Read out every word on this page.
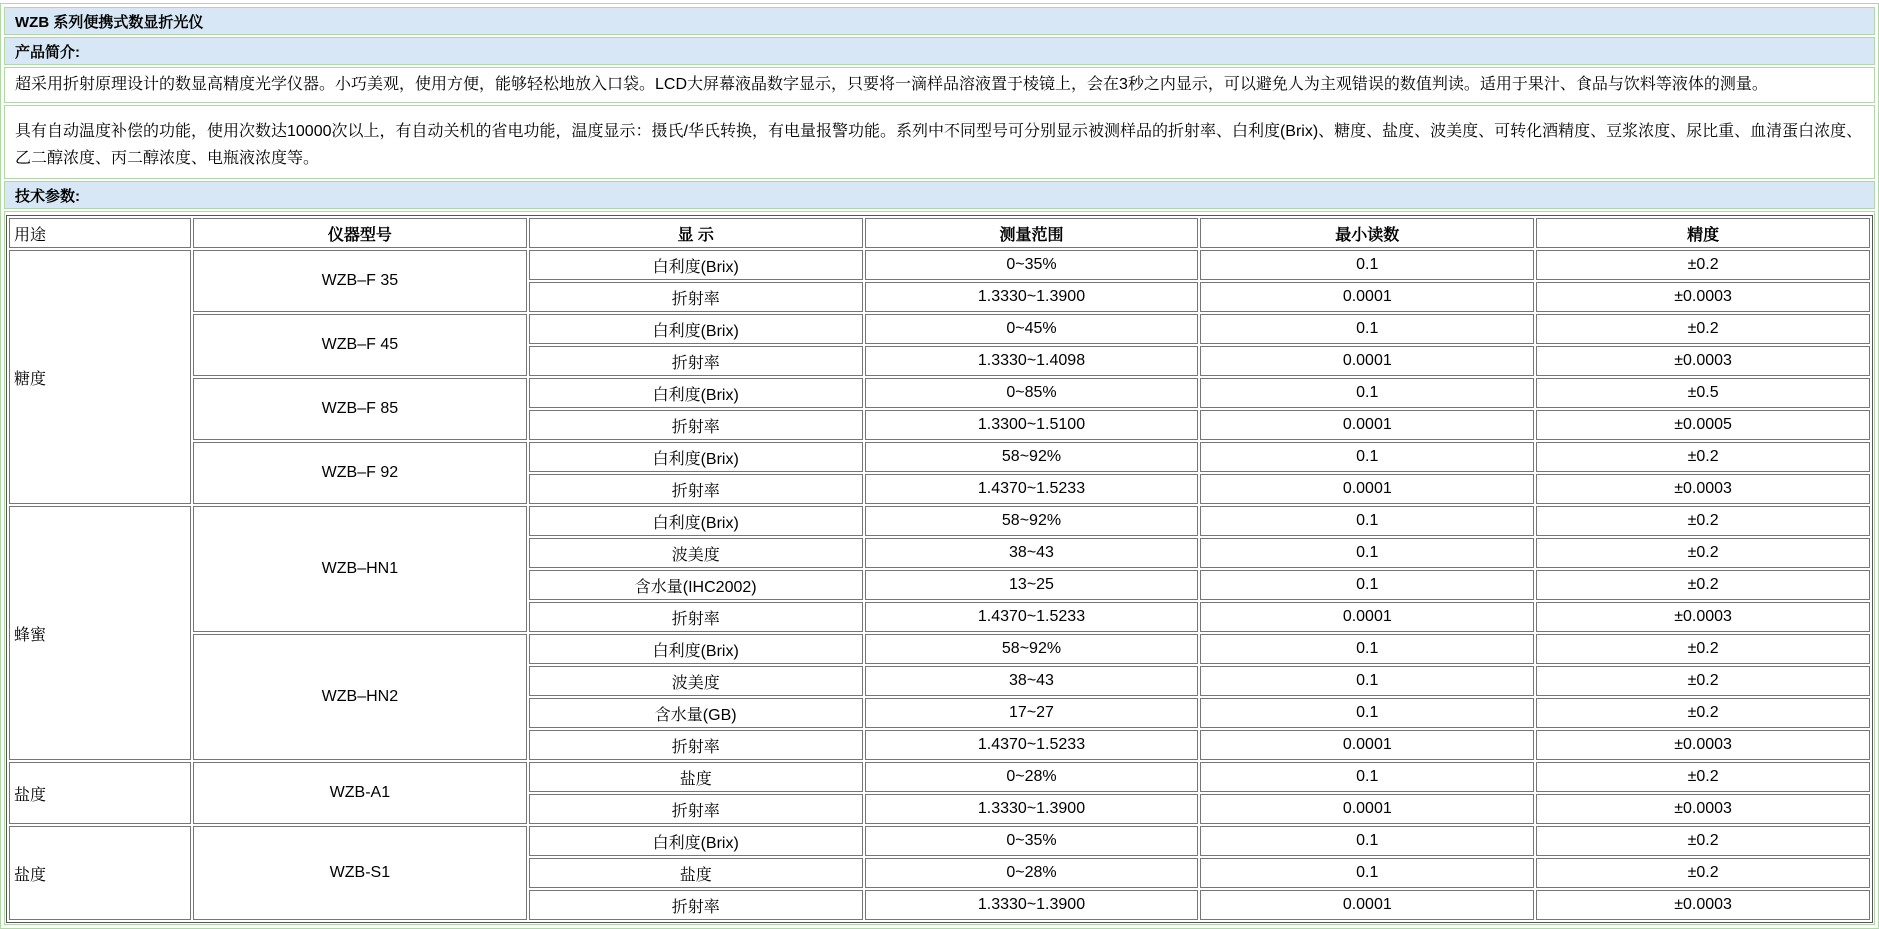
WZB 系列便携式数显折光仪
产品简介:
超采用折射原理设计的数显高精度光学仪器。小巧美观，使用方便，能够轻松地放入口袋。LCD大屏幕液晶数字显示，只要将一滴样品溶液置于棱镜上，会在3秒之内显示，可以避免人为主观错误的数值判读。适用于果汁、食品与饮料等液体的测量。
具有自动温度补偿的功能，使用次数达10000次以上，有自动关机的省电功能，温度显示：摄氏/华氏转换，有电量报警功能。系列中不同型号可分别显示被测样品的折射率、白利度(Brix)、糖度、盐度、波美度、可转化酒精度、豆浆浓度、尿比重、血清蛋白浓度、乙二醇浓度、丙二醇浓度、电瓶液浓度等。
技术参数:
用途	仪器型号	显 示	测量范围	最小读数	精度
糖度	WZB–F 35	白利度(Brix)	0~35%	0.1	±0.2
		折射率	1.3330~1.3900	0.0001	±0.0003
	WZB–F 45	白利度(Brix)	0~45%	0.1	±0.2
		折射率	1.3330~1.4098	0.0001	±0.0003
	WZB–F 85	白利度(Brix)	0~85%	0.1	±0.5
		折射率	1.3300~1.5100	0.0001	±0.0005
	WZB–F 92	白利度(Brix)	58~92%	0.1	±0.2
		折射率	1.4370~1.5233	0.0001	±0.0003
蜂蜜	WZB–HN1	白利度(Brix)	58~92%	0.1	±0.2
		波美度	38~43	0.1	±0.2
		含水量(IHC2002)	13~25	0.1	±0.2
		折射率	1.4370~1.5233	0.0001	±0.0003
	WZB–HN2	白利度(Brix)	58~92%	0.1	±0.2
		波美度	38~43	0.1	±0.2
		含水量(GB)	17~27	0.1	±0.2
		折射率	1.4370~1.5233	0.0001	±0.0003
盐度	WZB-A1	盐度	0~28%	0.1	±0.2
		折射率	1.3330~1.3900	0.0001	±0.0003
盐度	WZB-S1	白利度(Brix)	0~35%	0.1	±0.2
		盐度	0~28%	0.1	±0.2
		折射率	1.3330~1.3900	0.0001	±0.0003
